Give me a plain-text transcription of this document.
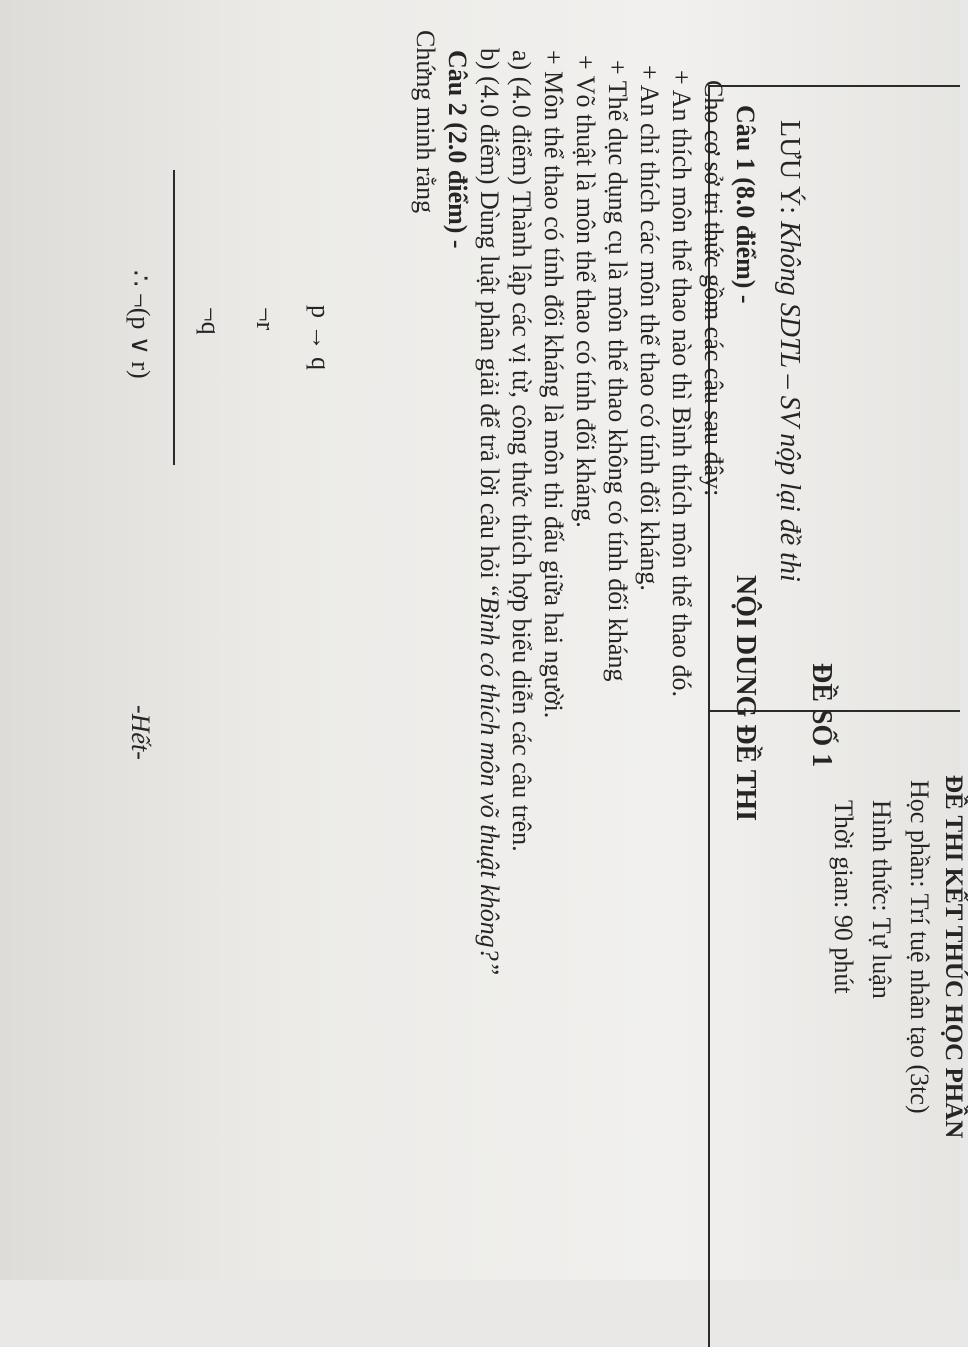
ĐỀ THI KẾT THÚC HỌC PHẦN
Học phần: Trí tuệ nhân tạo (3tc)
Hình thức: Tự luận
Thời gian: 90 phút
ĐỀ SỐ 1
LƯU Ý: Không SDTL – SV nộp lại đề thi
NỘI DUNG ĐỀ THI
Câu 1 (8.0 điểm) -
Cho cơ sở tri thức gồm các câu sau đây:
+ An thích môn thể thao nào thì Bình thích môn thể thao đó.
+ An chỉ thích các môn thể thao có tính đối kháng.
+ Thể dục dụng cụ là môn thể thao không có tính đối kháng
+ Võ thuật là môn thể thao có tính đối kháng.
+ Môn thể thao có tính đối kháng là môn thi đấu giữa hai người.
a) (4.0 điểm) Thành lập các vị từ, công thức thích hợp biểu diễn các câu trên.
b) (4.0 điểm) Dùng luật phân giải để trả lời câu hỏi “Bình có thích môn võ thuật không?”
Câu 2 (2.0 điểm) -
Chứng minh rằng
p → q
¬r
¬q
∴ ¬(p ∨ r)
-Hết-
